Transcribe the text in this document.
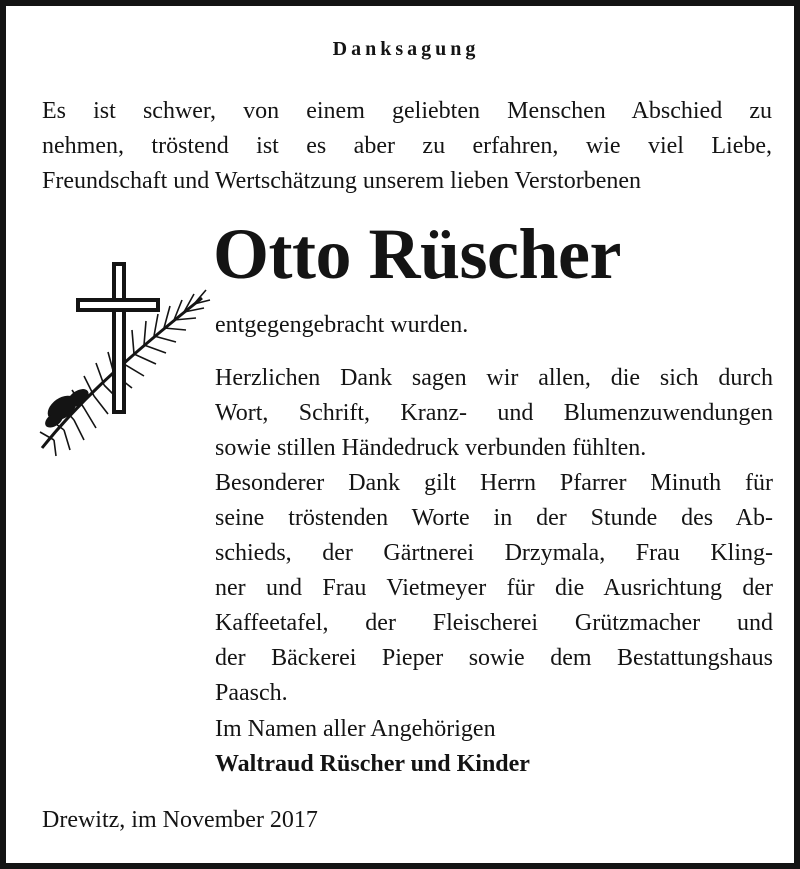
Danksagung

Es ist schwer, von einem geliebten Menschen Abschied zu
nehmen, tröstend ist es aber zu erfahren, wie viel Liebe,
Freundschaft und Wertschätzung unserem lieben Verstorbenen

Otto Rüscher
entgegengebracht wurden.

Herzlichen Dank sagen wir allen, die sich durch
Wort, Schrift, Kranz- und Blumenzuwendungen
sowie stillen Händedruck verbunden fühlten.
Besonderer Dank gilt Herrn Pfarrer Minuth für
seine tröstenden Worte in der Stunde des Ab-
schieds, der Gärtnerei Drzymala, Frau Kling-
ner und Frau Vietmeyer für die Ausrichtung der
Kaffeetafel, der Fleischerei Grützmacher und
der Bäckerei Pieper sowie dem Bestattungshaus
Paasch.

Im Namen aller Angehörigen
Waltraud Rüscher und Kinder
Drewitz, im November 2017
